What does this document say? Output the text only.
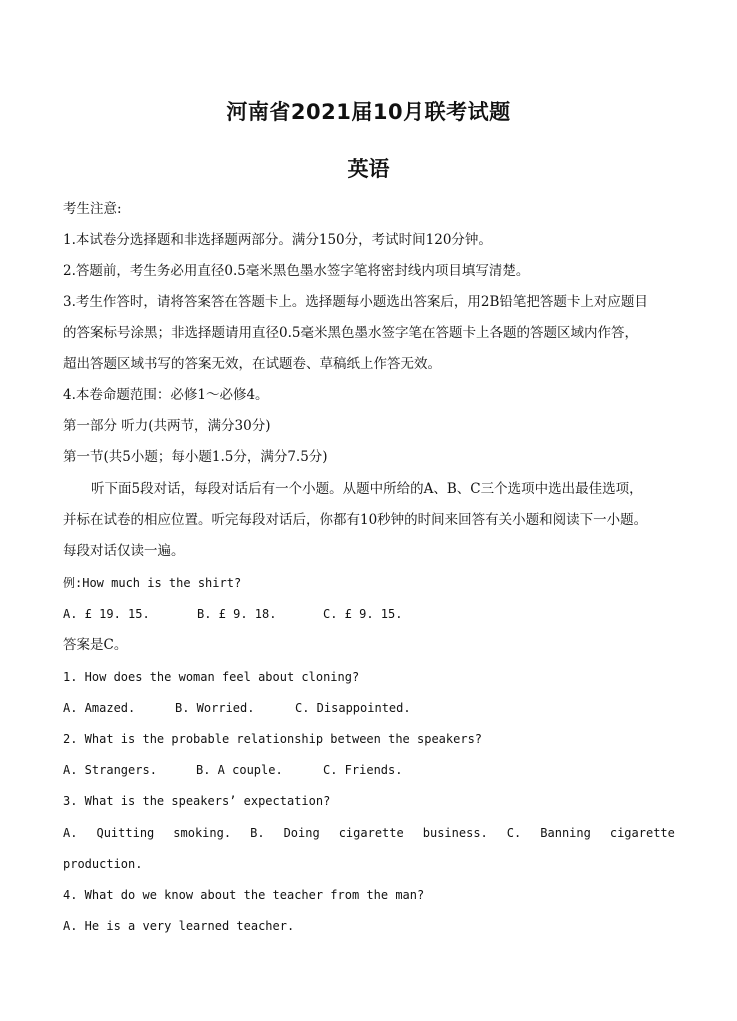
河南省2021届10月联考试题
英语
考生注意:
1.本试卷分选择题和非选择题两部分。满分150分，考试时间120分钟。
2.答题前，考生务必用直径0.5毫米黑色墨水签字笔将密封线内项目填写清楚。
3.考生作答时，请将答案答在答题卡上。选择题每小题选出答案后，用2B铅笔把答题卡上对应题目
的答案标号涂黑；非选择题请用直径0.5毫米黑色墨水签字笔在答题卡上各题的答题区域内作答，
超出答题区域书写的答案无效，在试题卷、草稿纸上作答无效。
4.本卷命题范围：必修1～必修4。
第一部分 听力(共两节，满分30分)
第一节(共5小题；每小题1.5分，满分7.5分)
听下面5段对话，每段对话后有一个小题。从题中所给的A、B、C三个选项中选出最佳选项，
并标在试卷的相应位置。听完每段对话后，你都有10秒钟的时间来回答有关小题和阅读下一小题。
每段对话仅读一遍。
例:How much is the shirt?
A. £ 19. 15.	B. £ 9. 18.	C. £ 9. 15.
答案是C。
1. How does the woman feel about cloning?
A. Amazed.	B. Worried.	C. Disappointed.
2. What is the probable relationship between the speakers?
A. Strangers.	B. A couple.	C. Friends.
3. What is the speakers’ expectation?
A. Quitting smoking. B. Doing cigarette business. C. Banning cigarette
production.
4. What do we know about the teacher from the man?
A. He is a very learned teacher.
